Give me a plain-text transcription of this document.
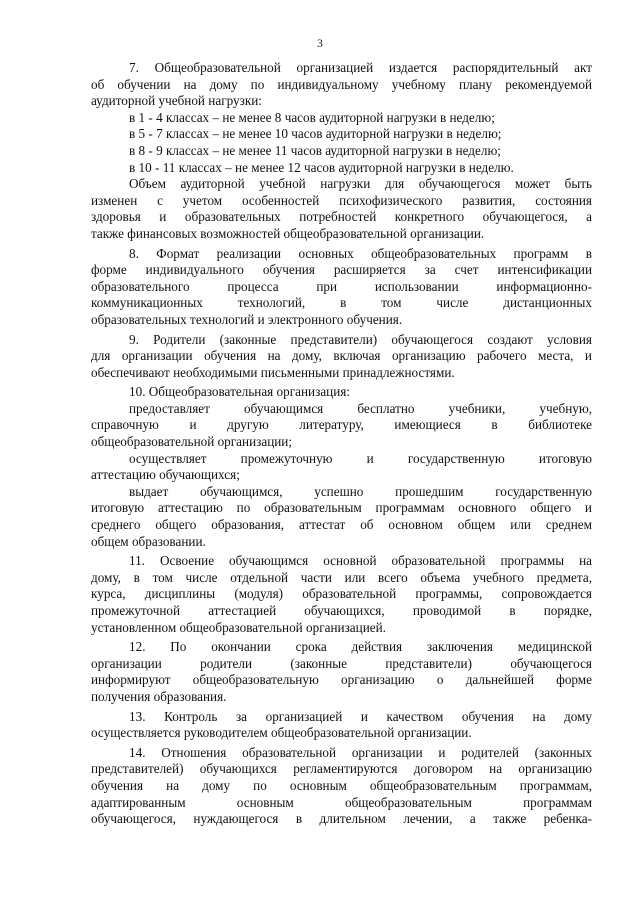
3
7. Общеобразовательной организацией издается распорядительный акт
об обучении на дому по индивидуальному учебному плану рекомендуемой
аудиторной учебной нагрузки:
в 1 - 4 классах – не менее 8 часов аудиторной нагрузки в неделю;
в 5 - 7 классах – не менее 10 часов аудиторной нагрузки в неделю;
в 8 - 9 классах – не менее 11 часов аудиторной нагрузки в неделю;
в 10 - 11 классах – не менее 12 часов аудиторной нагрузки в неделю.
Объем аудиторной учебной нагрузки для обучающегося может быть
изменен с учетом особенностей психофизического развития, состояния
здоровья и образовательных потребностей конкретного обучающегося, а
также финансовых возможностей общеобразовательной организации.
8. Формат реализации основных общеобразовательных программ в
форме индивидуального обучения расширяется за счет интенсификации
образовательного процесса при использовании информационно-
коммуникационных технологий, в том числе дистанционных
образовательных технологий и электронного обучения.
9. Родители (законные представители) обучающегося создают условия
для организации обучения на дому, включая организацию рабочего места, и
обеспечивают необходимыми письменными принадлежностями.
10. Общеобразовательная организация:
предоставляет обучающимся бесплатно учебники, учебную,
справочную и другую литературу, имеющиеся в библиотеке
общеобразовательной организации;
осуществляет промежуточную и государственную итоговую
аттестацию обучающихся;
выдает обучающимся, успешно прошедшим государственную
итоговую аттестацию по образовательным программам основного общего и
среднего общего образования, аттестат об основном общем или среднем
общем образовании.
11. Освоение обучающимся основной образовательной программы на
дому, в том числе отдельной части или всего объема учебного предмета,
курса, дисциплины (модуля) образовательной программы, сопровождается
промежуточной аттестацией обучающихся, проводимой в порядке,
установленном общеобразовательной организацией.
12. По окончании срока действия заключения медицинской
организации родители (законные представители) обучающегося
информируют общеобразовательную организацию о дальнейшей форме
получения образования.
13. Контроль за организацией и качеством обучения на дому
осуществляется руководителем общеобразовательной организации.
14. Отношения образовательной организации и родителей (законных
представителей) обучающихся регламентируются договором на организацию
обучения на дому по основным общеобразовательным программам,
адаптированным основным общеобразовательным программам
обучающегося, нуждающегося в длительном лечении, а также ребенка-
